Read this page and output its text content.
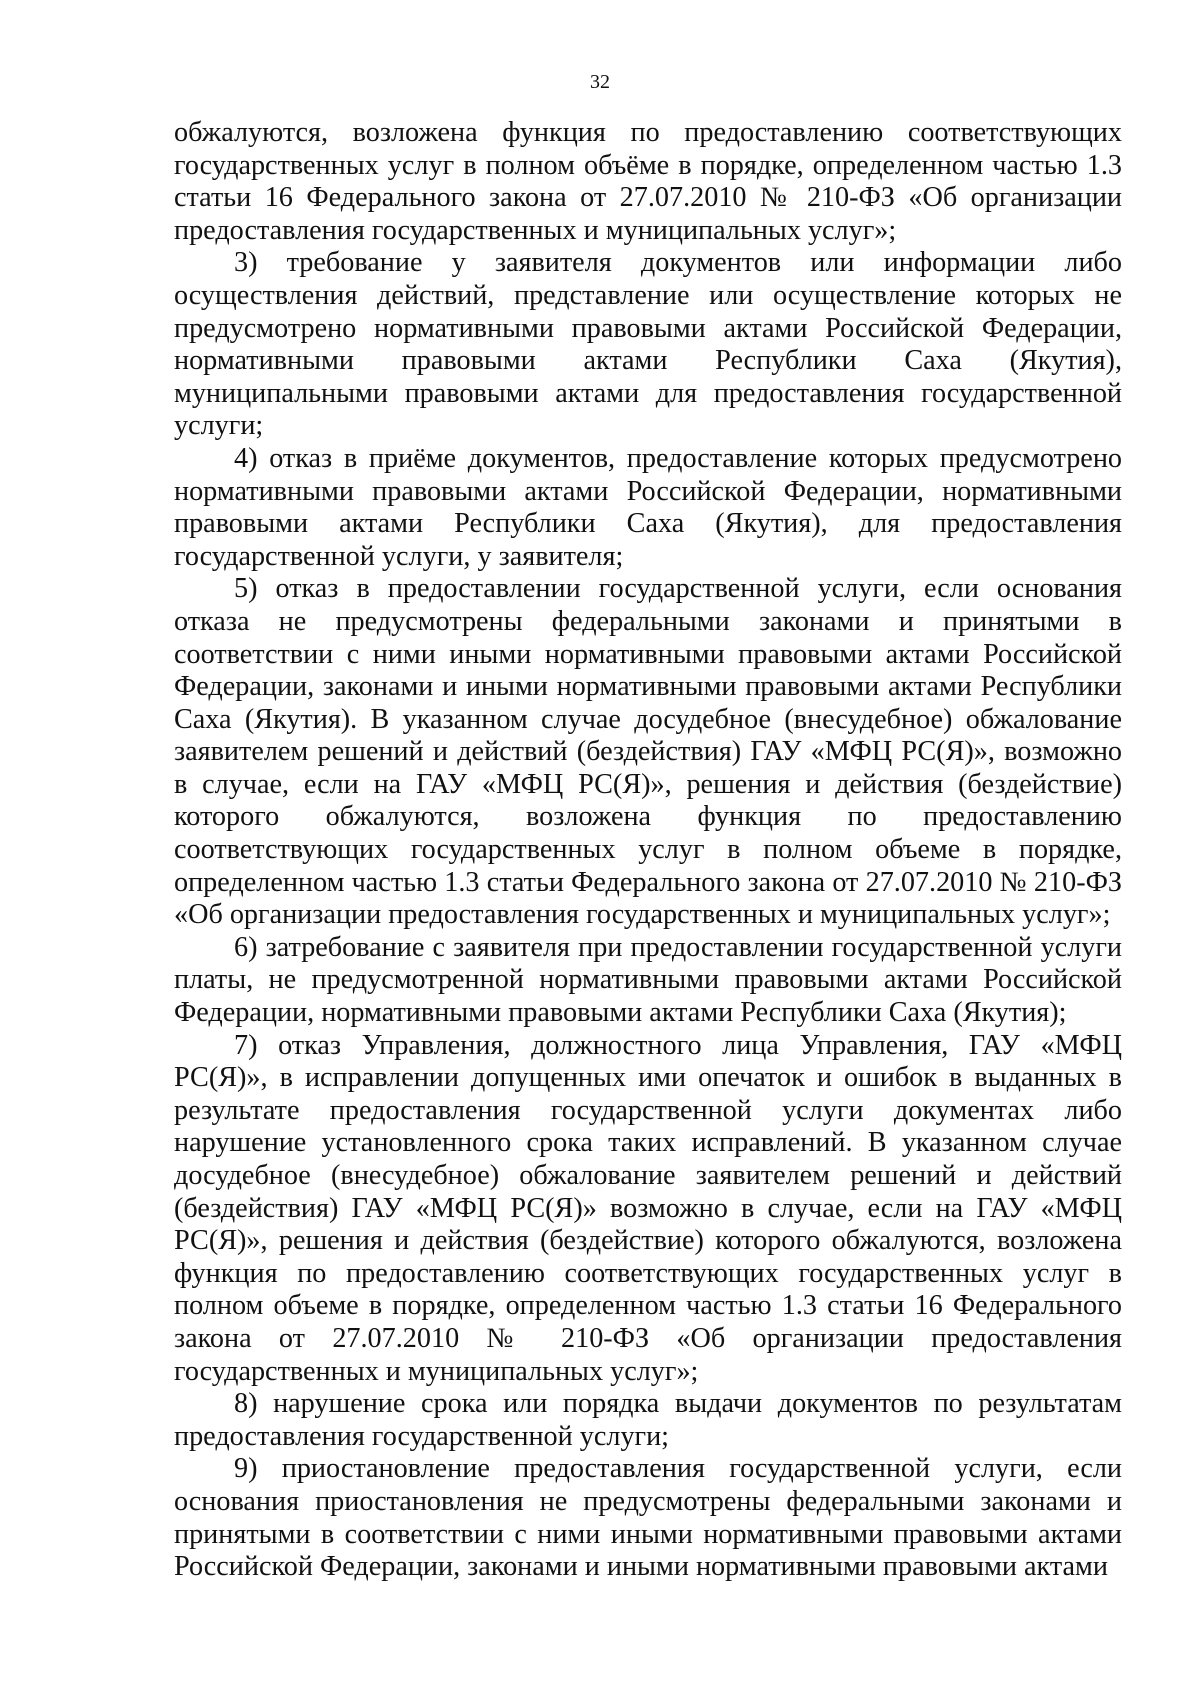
32

обжалуются, возложена функция по предоставлению соответствующих государственных услуг в полном объёме в порядке, определенном частью 1.3 статьи 16 Федерального закона от 27.07.2010 № 210-ФЗ «Об организации предоставления государственных и муниципальных услуг»;

3) требование у заявителя документов или информации либо осуществления действий, представление или осуществление которых не предусмотрено нормативными правовыми актами Российской Федерации, нормативными правовыми актами Республики Саха (Якутия), муниципальными правовыми актами для предоставления государственной услуги;

4) отказ в приёме документов, предоставление которых предусмотрено нормативными правовыми актами Российской Федерации, нормативными правовыми актами Республики Саха (Якутия), для предоставления государственной услуги, у заявителя;

5) отказ в предоставлении государственной услуги, если основания отказа не предусмотрены федеральными законами и принятыми в соответствии с ними иными нормативными правовыми актами Российской Федерации, законами и иными нормативными правовыми актами Республики Саха (Якутия). В указанном случае досудебное (внесудебное) обжалование заявителем решений и действий (бездействия) ГАУ «МФЦ РС(Я)», возможно в случае, если на ГАУ «МФЦ РС(Я)», решения и действия (бездействие) которого обжалуются, возложена функция по предоставлению соответствующих государственных услуг в полном объеме в порядке, определенном частью 1.3 статьи Федерального закона от 27.07.2010 № 210-ФЗ «Об организации предоставления государственных и муниципальных услуг»;

6) затребование с заявителя при предоставлении государственной услуги платы, не предусмотренной нормативными правовыми актами Российской Федерации, нормативными правовыми актами Республики Саха (Якутия);

7) отказ Управления, должностного лица Управления, ГАУ «МФЦ РС(Я)», в исправлении допущенных ими опечаток и ошибок в выданных в результате предоставления государственной услуги документах либо нарушение установленного срока таких исправлений. В указанном случае досудебное (внесудебное) обжалование заявителем решений и действий (бездействия) ГАУ «МФЦ РС(Я)» возможно в случае, если на ГАУ «МФЦ РС(Я)», решения и действия (бездействие) которого обжалуются, возложена функция по предоставлению соответствующих государственных услуг в полном объеме в порядке, определенном частью 1.3 статьи 16 Федерального закона от 27.07.2010 № 210-ФЗ «Об организации предоставления государственных и муниципальных услуг»;

8) нарушение срока или порядка выдачи документов по результатам предоставления государственной услуги;

9) приостановление предоставления государственной услуги, если основания приостановления не предусмотрены федеральными законами и принятыми в соответствии с ними иными нормативными правовыми актами Российской Федерации, законами и иными нормативными правовыми актами
